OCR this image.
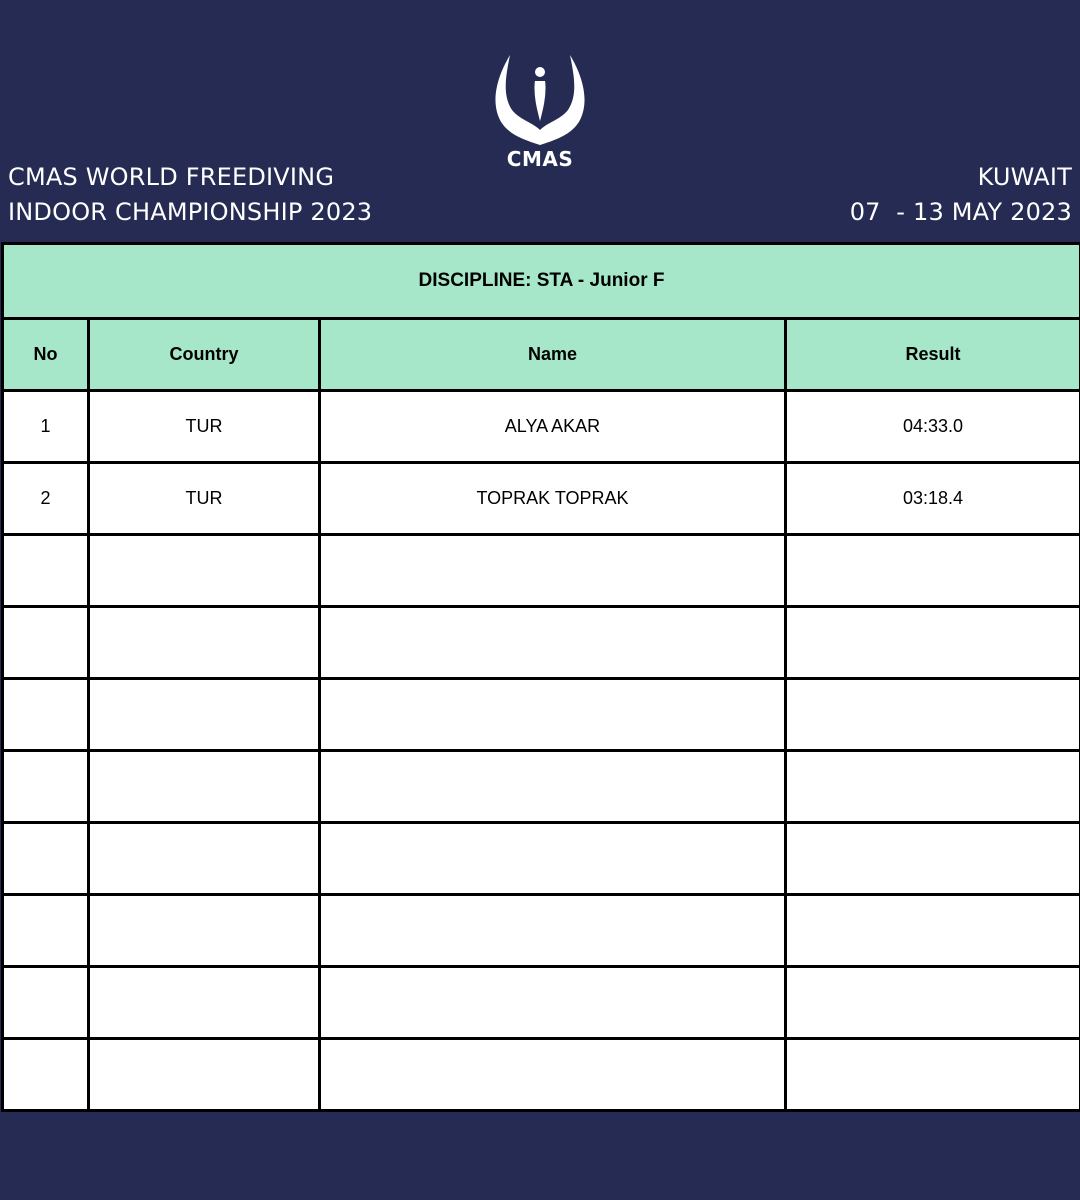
CMAS WORLD FREEDIVING
INDOOR CHAMPIONSHIP 2023
CMAS
KUWAIT
07  - 13 MAY 2023
DISCIPLINE: STA - Junior F			
No	Country	Name	Result
1	TUR	ALYA AKAR	04:33.0
2	TUR	TOPRAK TOPRAK	03:18.4
